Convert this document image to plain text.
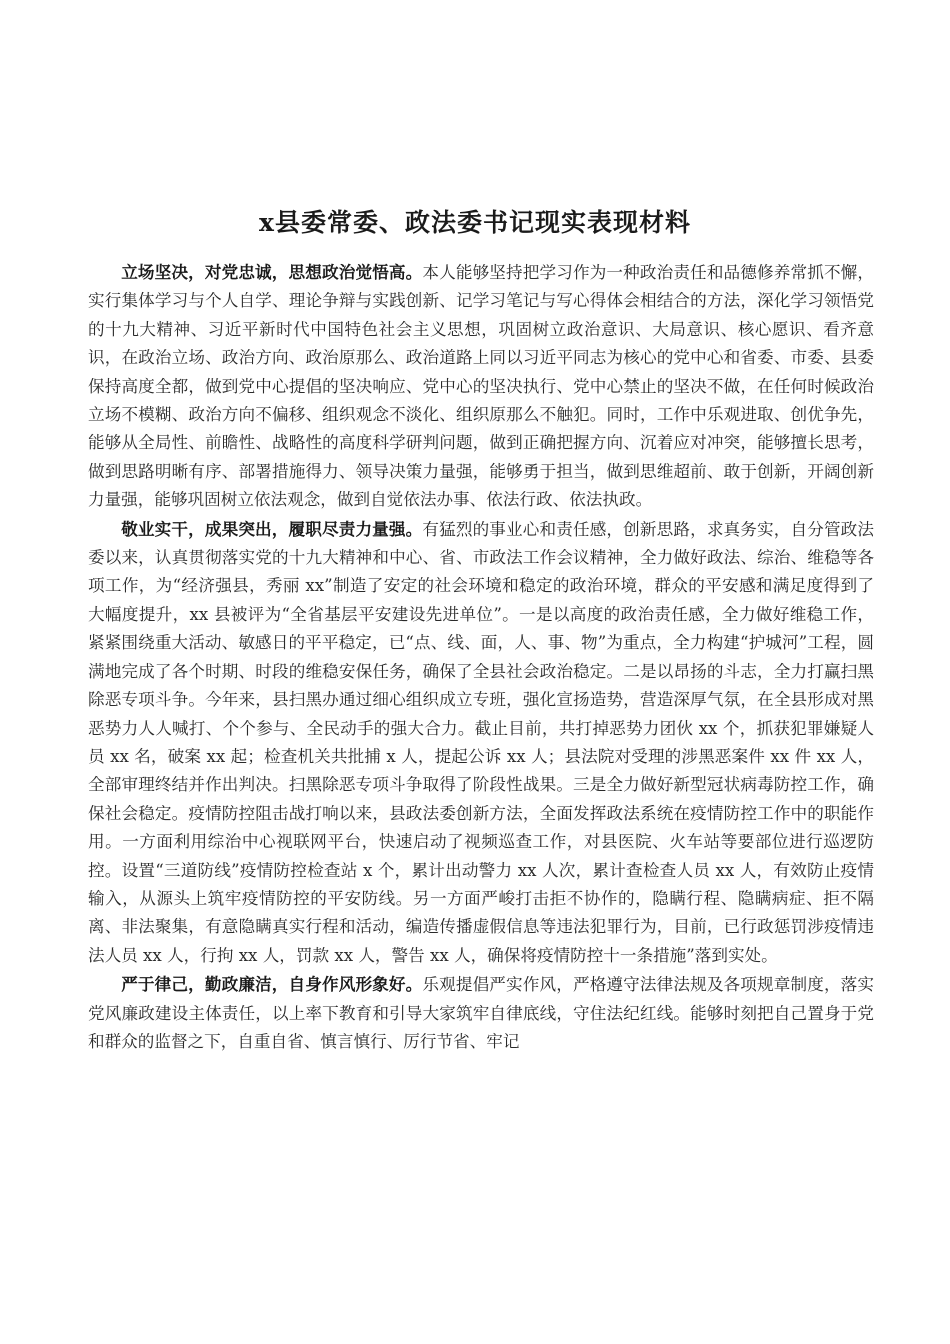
x县委常委、政法委书记现实表现材料

立场坚决，对党忠诚，思想政治觉悟高。本人能够坚持把学习作为一种政治责任和品德修养常抓不懈，实行集体学习与个人自学、理论争辩与实践创新、记学习笔记与写心得体会相结合的方法，深化学习领悟党的十九大精神、习近平新时代中国特色社会主义思想，巩固树立政治意识、大局意识、核心愿识、看齐意识，在政治立场、政治方向、政治原那么、政治道路上同以习近平同志为核心的党中心和省委、市委、县委保持高度全都，做到党中心提倡的坚决响应、党中心的坚决执行、党中心禁止的坚决不做，在任何时候政治立场不模糊、政治方向不偏移、组织观念不淡化、组织原那么不触犯。同时，工作中乐观进取、创优争先，能够从全局性、前瞻性、战略性的高度科学研判问题，做到正确把握方向、沉着应对冲突，能够擅长思考，做到思路明晰有序、部署措施得力、领导决策力量强，能够勇于担当，做到思维超前、敢于创新，开阔创新力量强，能够巩固树立依法观念，做到自觉依法办事、依法行政、依法执政。

敬业实干，成果突出，履职尽责力量强。有猛烈的事业心和责任感，创新思路，求真务实，自分管政法委以来，认真贯彻落实党的十九大精神和中心、省、市政法工作会议精神，全力做好政法、综治、维稳等各项工作，为“经济强县，秀丽 xx”制造了安定的社会环境和稳定的政治环境，群众的平安感和满足度得到了大幅度提升，xx 县被评为“全省基层平安建设先进单位”。一是以高度的政治责任感，全力做好维稳工作，紧紧围绕重大活动、敏感日的平平稳定，已“点、线、面，人、事、物”为重点，全力构建“护城河”工程，圆满地完成了各个时期、时段的维稳安保任务，确保了全县社会政治稳定。二是以昂扬的斗志，全力打赢扫黑除恶专项斗争。今年来，县扫黑办通过细心组织成立专班，强化宣扬造势，营造深厚气氛，在全县形成对黑恶势力人人喊打、个个参与、全民动手的强大合力。截止目前，共打掉恶势力团伙 xx 个，抓获犯罪嫌疑人员 xx 名，破案 xx 起；检查机关共批捕 x 人，提起公诉 xx 人；县法院对受理的涉黑恶案件 xx 件 xx 人，全部审理终结并作出判决。扫黑除恶专项斗争取得了阶段性战果。三是全力做好新型冠状病毒防控工作，确保社会稳定。疫情防控阻击战打响以来，县政法委创新方法，全面发挥政法系统在疫情防控工作中的职能作用。一方面利用综治中心视联网平台，快速启动了视频巡查工作，对县医院、火车站等要部位进行巡逻防控。设置“三道防线”疫情防控检查站 x 个，累计出动警力 xx 人次，累计查检查人员 xx 人，有效防止疫情输入，从源头上筑牢疫情防控的平安防线。另一方面严峻打击拒不协作的，隐瞒行程、隐瞒病症、拒不隔离、非法聚集，有意隐瞒真实行程和活动，编造传播虚假信息等违法犯罪行为，目前，已行政惩罚涉疫情违法人员 xx 人，行拘 xx 人，罚款 xx 人，警告 xx 人，确保将疫情防控十一条措施”落到实处。

严于律己，勤政廉洁，自身作风形象好。乐观提倡严实作风，严格遵守法律法规及各项规章制度，落实党风廉政建设主体责任，以上率下教育和引导大家筑牢自律底线，守住法纪红线。能够时刻把自己置身于党和群众的监督之下，自重自省、慎言慎行、厉行节省、牢记
